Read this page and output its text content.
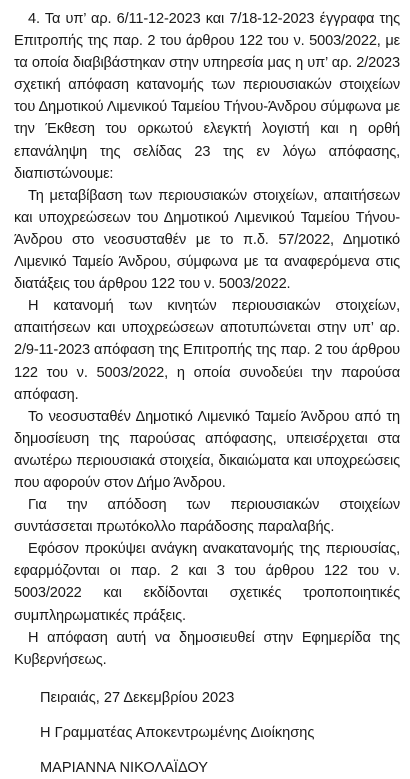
4. Τα υπ’ αρ. 6/11-12-2023 και 7/18-12-2023 έγγραφα της Επιτροπής της παρ. 2 του άρθρου 122 του ν. 5003/2022, με τα οποία διαβιβάστηκαν στην υπηρεσία μας η υπ’ αρ. 2/2023 σχετική απόφαση κατανομής των περιουσιακών στοιχείων του Δημοτικού Λιμενικού Ταμείου Τήνου-Άνδρου σύμφωνα με την Έκθεση του ορκωτού ελεγκτή λογιστή και η ορθή επανάληψη της σελίδας 23 της εν λόγω απόφασης, διαπιστώνουμε:

Τη μεταβίβαση των περιουσιακών στοιχείων, απαιτήσεων και υποχρεώσεων του Δημοτικού Λιμενικού Ταμείου Τήνου-Άνδρου στο νεοσυσταθέν με το π.δ. 57/2022, Δημοτικό Λιμενικό Ταμείο Άνδρου, σύμφωνα με τα αναφερόμενα στις διατάξεις του άρθρου 122 του ν. 5003/2022.

Η κατανομή των κινητών περιουσιακών στοιχείων, απαιτήσεων και υποχρεώσεων αποτυπώνεται στην υπ’ αρ. 2/9-11-2023 απόφαση της Επιτροπής της παρ. 2 του άρθρου 122 του ν. 5003/2022, η οποία συνοδεύει την παρούσα απόφαση.

Το νεοσυσταθέν Δημοτικό Λιμενικό Ταμείο Άνδρου από τη δημοσίευση της παρούσας απόφασης, υπεισέρχεται στα ανωτέρω περιουσιακά στοιχεία, δικαιώματα και υποχρεώσεις που αφορούν στον Δήμο Άνδρου.

Για την απόδοση των περιουσιακών στοιχείων συντάσσεται πρωτόκολλο παράδοσης παραλαβής.

Εφόσον προκύψει ανάγκη ανακατανομής της περιουσίας, εφαρμόζονται οι παρ. 2 και 3 του άρθρου 122 του ν. 5003/2022 και εκδίδονται σχετικές τροποποιητικές συμπληρωματικές πράξεις.

Η απόφαση αυτή να δημοσιευθεί στην Εφημερίδα της Κυβερνήσεως.

Πειραιάς, 27 Δεκεμβρίου 2023
Η Γραμματέας Αποκεντρωμένης Διοίκησης
ΜΑΡΙΑΝΝΑ ΝΙΚΟΛΑΪΔΟΥ
